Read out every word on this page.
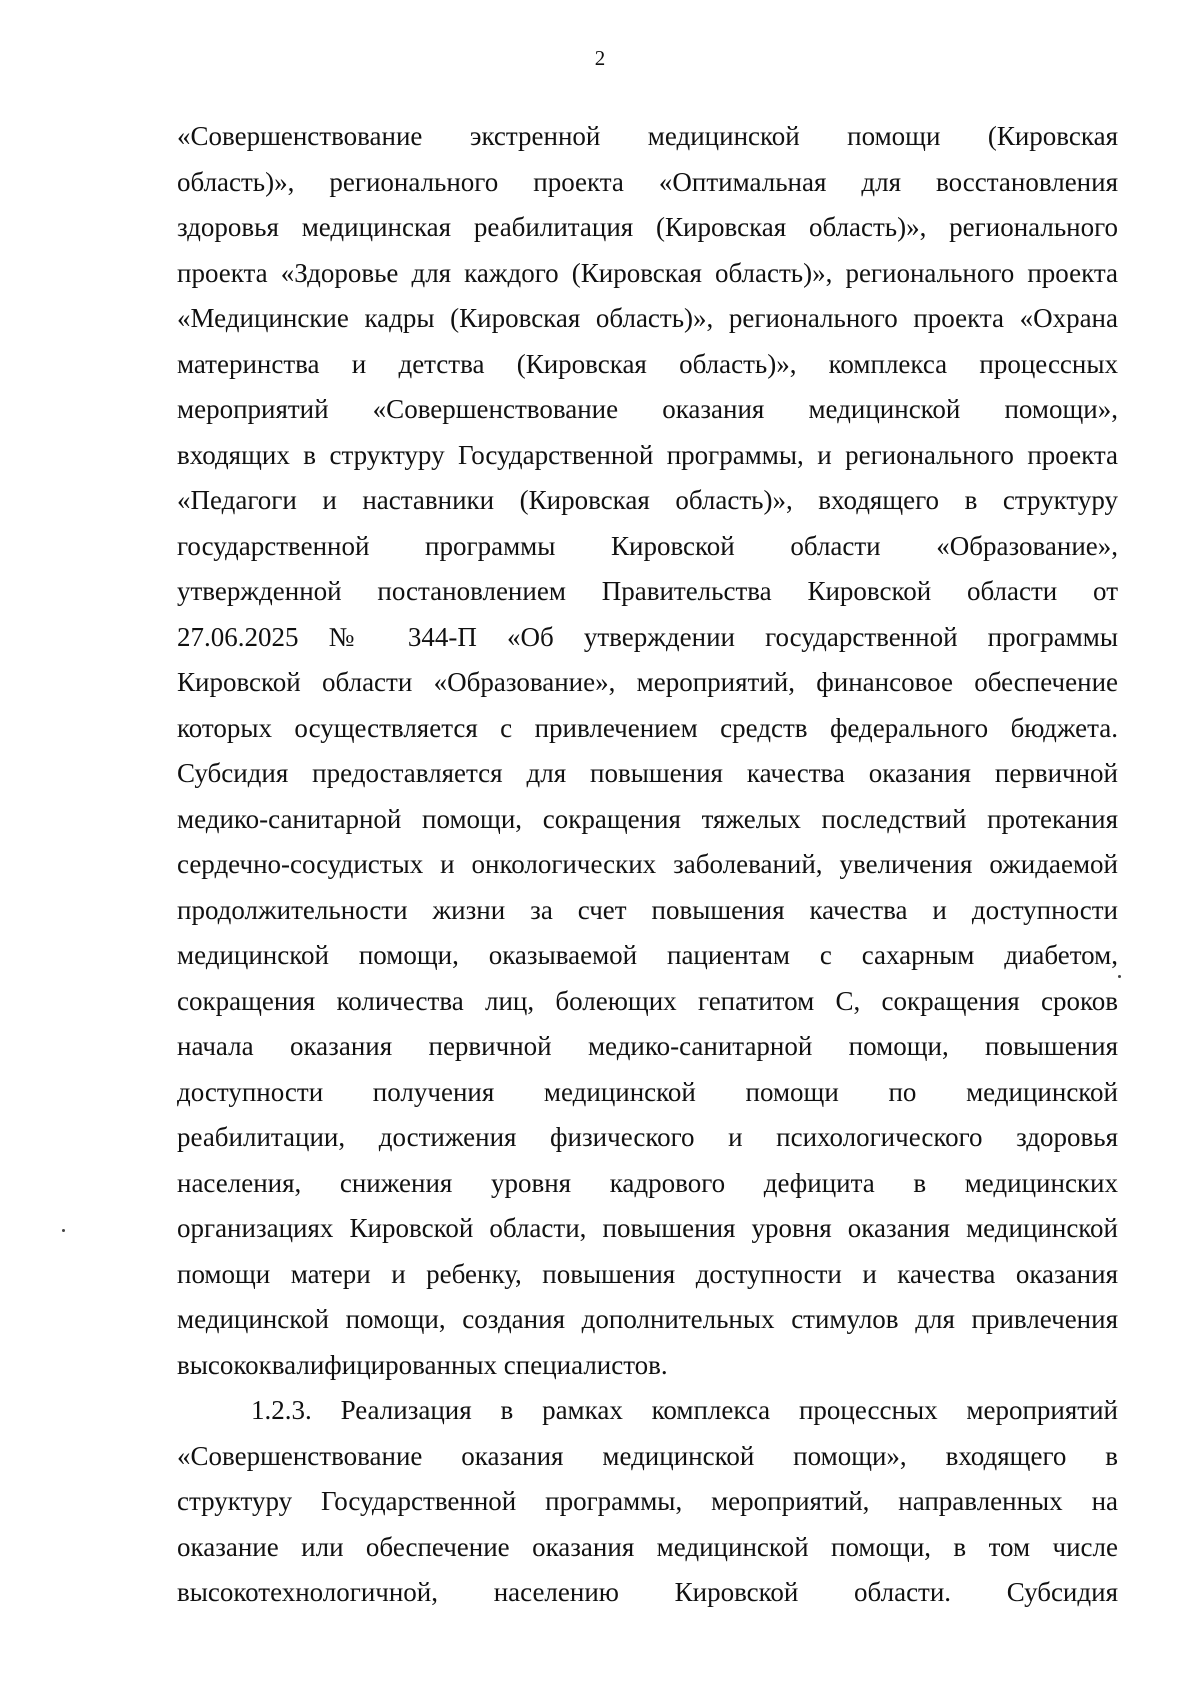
2
«Совершенствование экстренной медицинской помощи (Кировская
область)», регионального проекта «Оптимальная для восстановления
здоровья медицинская реабилитация (Кировская область)», регионального
проекта «Здоровье для каждого (Кировская область)», регионального проекта
«Медицинские кадры (Кировская область)», регионального проекта «Охрана
материнства и детства (Кировская область)», комплекса процессных
мероприятий «Совершенствование оказания медицинской помощи»,
входящих в структуру Государственной программы, и регионального проекта
«Педагоги и наставники (Кировская область)», входящего в структуру
государственной программы Кировской области «Образование»,
утвержденной постановлением Правительства Кировской области от
27.06.2025 № 344-П «Об утверждении государственной программы
Кировской области «Образование», мероприятий, финансовое обеспечение
которых осуществляется с привлечением средств федерального бюджета.
Субсидия предоставляется для повышения качества оказания первичной
медико-санитарной помощи, сокращения тяжелых последствий протекания
сердечно-сосудистых и онкологических заболеваний, увеличения ожидаемой
продолжительности жизни за счет повышения качества и доступности
медицинской помощи, оказываемой пациентам с сахарным диабетом,
сокращения количества лиц, болеющих гепатитом С, сокращения сроков
начала оказания первичной медико-санитарной помощи, повышения
доступности получения медицинской помощи по медицинской
реабилитации, достижения физического и психологического здоровья
населения, снижения уровня кадрового дефицита в медицинских
организациях Кировской области, повышения уровня оказания медицинской
помощи матери и ребенку, повышения доступности и качества оказания
медицинской помощи, создания дополнительных стимулов для привлечения
высококвалифицированных специалистов.
1.2.3. Реализация в рамках комплекса процессных мероприятий
«Совершенствование оказания медицинской помощи», входящего в
структуру Государственной программы, мероприятий, направленных на
оказание или обеспечение оказания медицинской помощи, в том числе
высокотехнологичной, населению Кировской области. Субсидия
